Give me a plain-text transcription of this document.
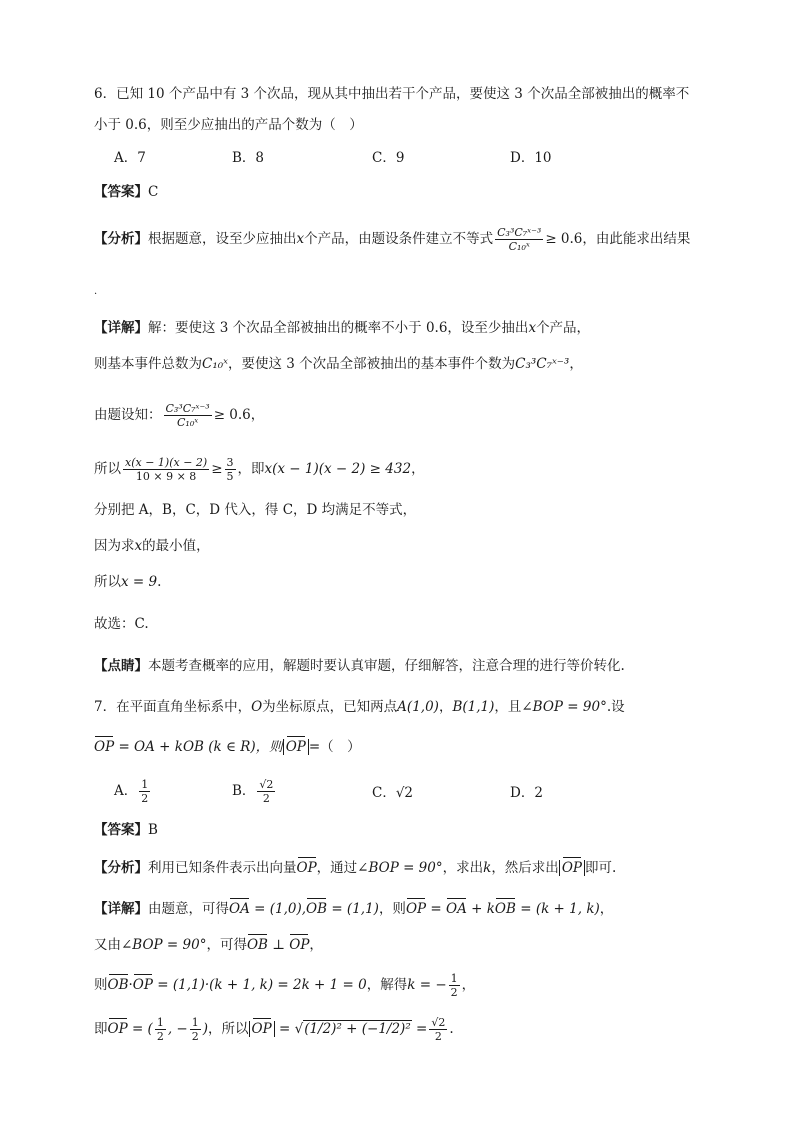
6．已知 10 个产品中有 3 个次品，现从其中抽出若干个产品，要使这 3 个次品全部被抽出的概率不
小于 0.6，则至少应抽出的产品个数为（　）
A．7	B．8	C．9	D．10
【答案】C
【分析】根据题意，设至少应抽出x个产品，由题设条件建立不等式 $\frac{\text{C₃³C₇ˣ⁻³}}{\text{C₁₀ˣ}} \ge 0.6$，由此能求出结果
.
【详解】解：要使这 3 个次品全部被抽出的概率不小于 0.6，设至少抽出x个产品，
则基本事件总数为C₁₀ˣ，要使这 3 个次品全部被抽出的基本事件个数为C₃³C₇ˣ⁻³，
由题设知： $\frac{\text{C₃³C₇ˣ⁻³}}{\text{C₁₀ˣ}} \ge 0.6$，
所以 $\frac{x(x - 1)(x - 2)}{10 \times 9 \times 8} \ge \frac{3}{5}$ ，即x(x − 1)(x − 2) ≥ 432，
分别把 A，B，C，D 代入，得 C，D 均满足不等式，
因为求x的最小值，
所以x = 9.
故选：C.
【点睛】本题考查概率的应用，解题时要认真审题，仔细解答，注意合理的进行等价转化.
7．在平面直角坐标系中，O为坐标原点，已知两点A(1,0)，B(1,1)，且∠BOP = 90°.设
OP = OA + kOB (k ∈ R)，则 OP =（　）
A． $\frac{1}{2}$	B． $\frac{√2}{2}$	C．√2	D．2
【答案】B
【分析】利用已知条件表示出向量OP，通过∠BOP = 90°，求出k，然后求出 OP 即可.
【详解】由题意，可得OA = (1,0),OB = (1,1)，则OP = OA + kOB = (k + 1, k)，
又由∠BOP = 90°，可得OB ⊥ OP，
则OB·OP = (1,1)·(k + 1, k) = 2k + 1 = 0，解得k = − $\frac{1}{2}$ ，
即OP = ( $\frac{1}{2}$ , − $\frac{1}{2}$ )，所以 OP = $√(1/2)^2 + (-1/2)^2 = \frac{√2}{2}$ .
